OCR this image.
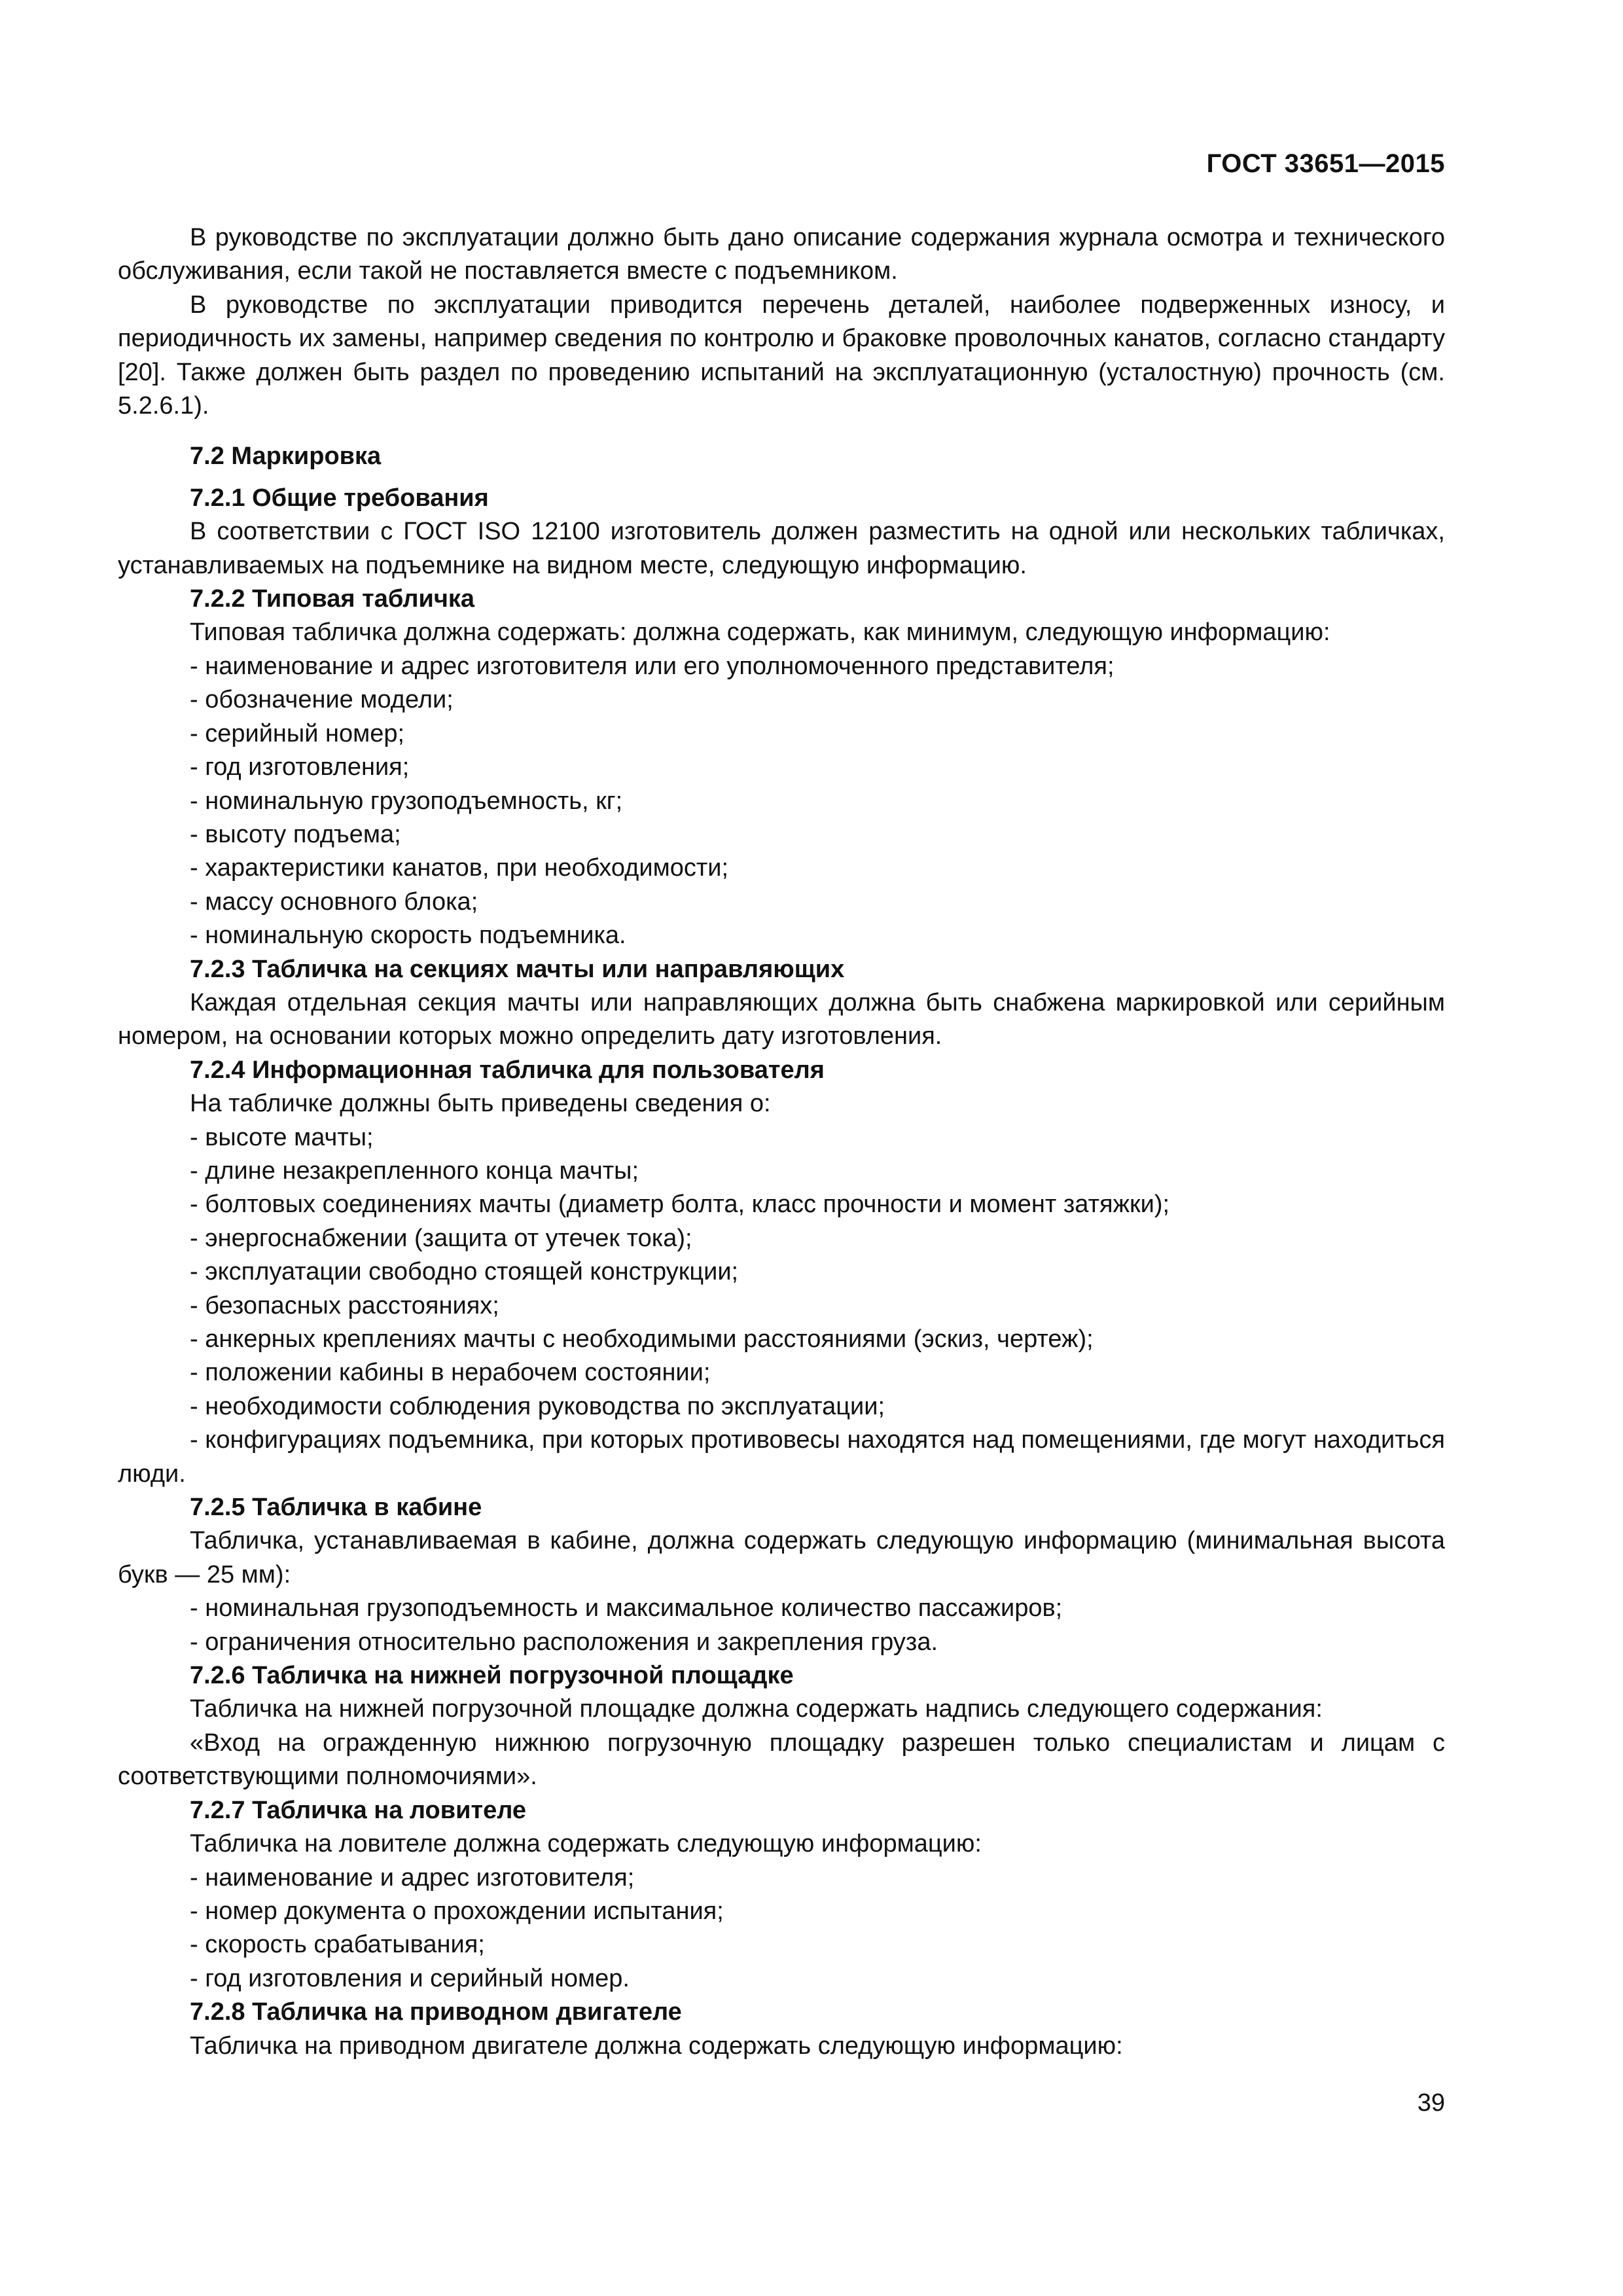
ГОСТ 33651—2015

В руководстве по эксплуатации должно быть дано описание содержания журнала осмотра и технического обслуживания, если такой не поставляется вместе с подъемником.

В руководстве по эксплуатации приводится перечень деталей, наиболее подверженных износу, и периодичность их замены, например сведения по контролю и браковке проволочных канатов, согласно стандарту [20]. Также должен быть раздел по проведению испытаний на эксплуатационную (усталостную) прочность (см. 5.2.6.1).

7.2 Маркировка
7.2.1 Общие требования

В соответствии с ГОСТ ISO 12100 изготовитель должен разместить на одной или нескольких табличках, устанавливаемых на подъемнике на видном месте, следующую информацию.

7.2.2 Типовая табличка

Типовая табличка должна содержать: должна содержать, как минимум, следующую информацию:

- наименование и адрес изготовителя или его уполномоченного представителя;
- обозначение модели;
- серийный номер;
- год изготовления;
- номинальную грузоподъемность, кг;
- высоту подъема;
- характеристики канатов, при необходимости;
- массу основного блока;
- номинальную скорость подъемника.
7.2.3 Табличка на секциях мачты или направляющих

Каждая отдельная секция мачты или направляющих должна быть снабжена маркировкой или серийным номером, на основании которых можно определить дату изготовления.

7.2.4 Информационная табличка для пользователя

На табличке должны быть приведены сведения о:

- высоте мачты;
- длине незакрепленного конца мачты;
- болтовых соединениях мачты (диаметр болта, класс прочности и момент затяжки);
- энергоснабжении (защита от утечек тока);
- эксплуатации свободно стоящей конструкции;
- безопасных расстояниях;
- анкерных креплениях мачты с необходимыми расстояниями (эскиз, чертеж);
- положении кабины в нерабочем состоянии;
- необходимости соблюдения руководства по эксплуатации;

- конфигурациях подъемника, при которых противовесы находятся над помещениями, где могут находиться люди.

7.2.5 Табличка в кабине

Табличка, устанавливаемая в кабине, должна содержать следующую информацию (минимальная высота букв — 25 мм):

- номинальная грузоподъемность и максимальное количество пассажиров;
- ограничения относительно расположения и закрепления груза.
7.2.6 Табличка на нижней погрузочной площадке

Табличка на нижней погрузочной площадке должна содержать надпись следующего содержания:

«Вход на огражденную нижнюю погрузочную площадку разрешен только специалистам и лицам с соответствующими полномочиями».

7.2.7 Табличка на ловителе

Табличка на ловителе должна содержать следующую информацию:

- наименование и адрес изготовителя;
- номер документа о прохождении испытания;
- скорость срабатывания;
- год изготовления и серийный номер.
7.2.8 Табличка на приводном двигателе

Табличка на приводном двигателе должна содержать следующую информацию:

39
